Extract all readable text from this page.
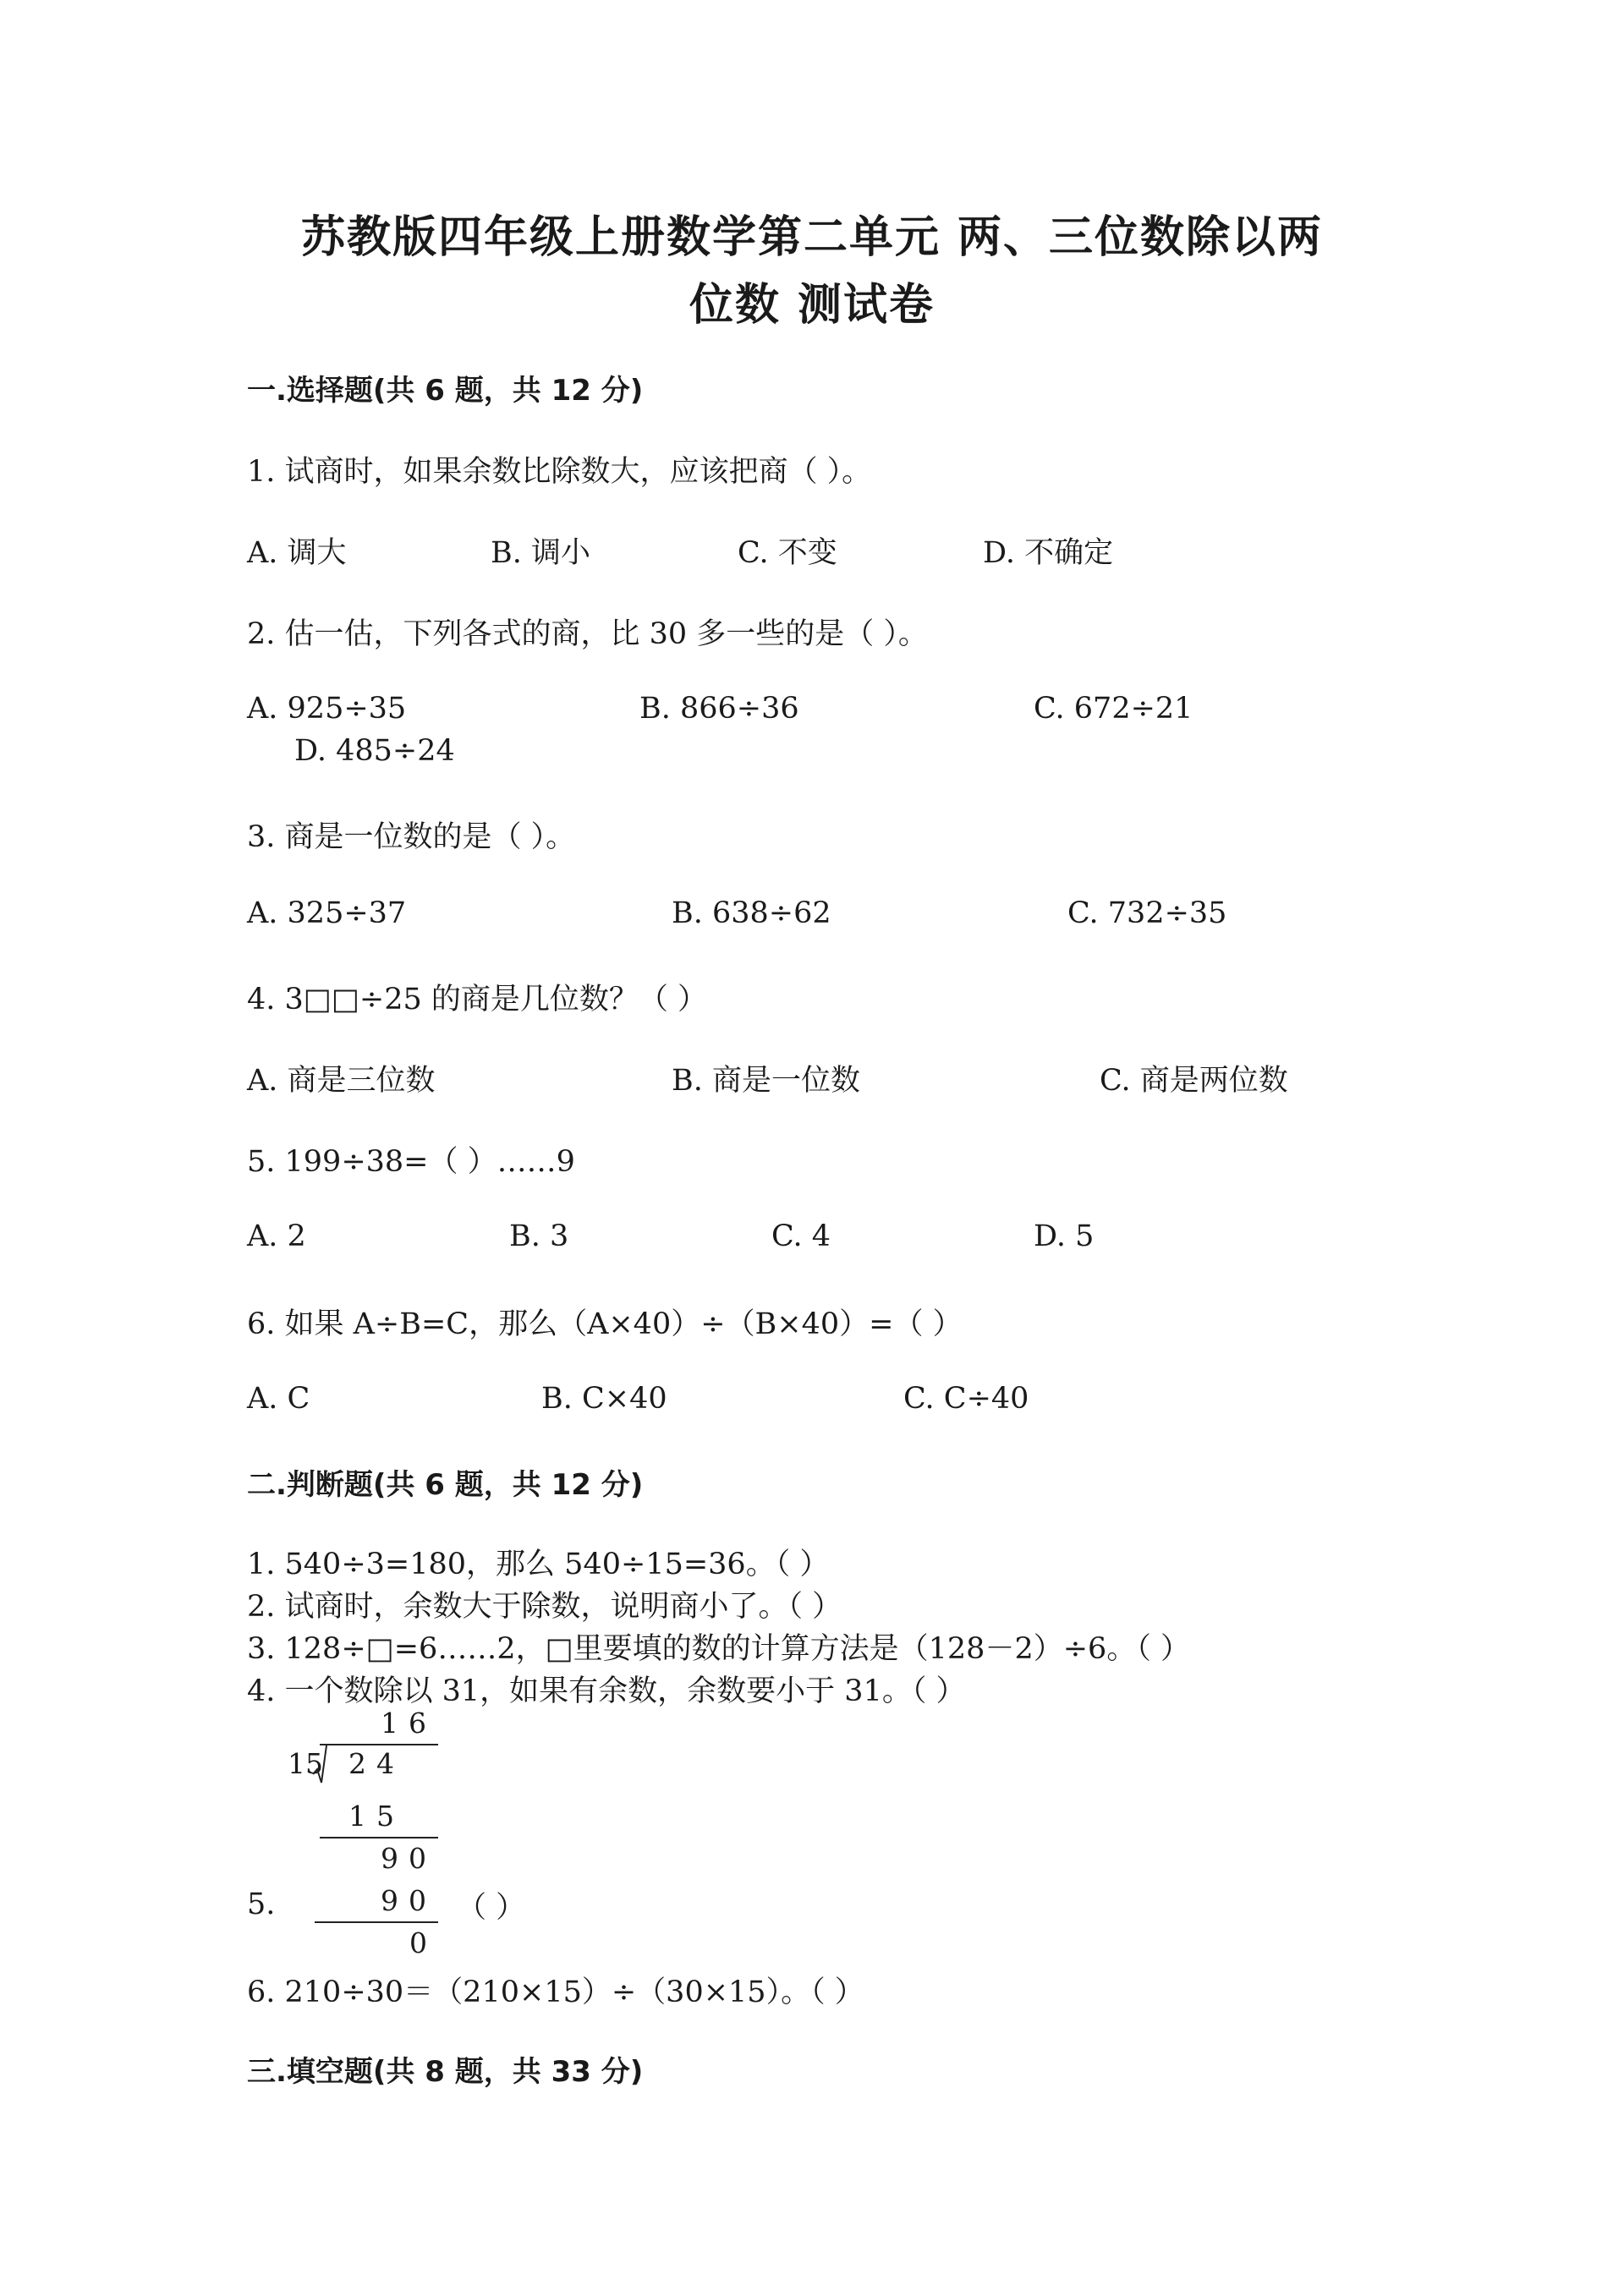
苏教版四年级上册数学第二单元 两、三位数除以两
位数 测试卷
一.选择题(共 6 题，共 12 分)
1. 试商时，如果余数比除数大，应该把商（ ）。
A. 调大	B. 调小	C. 不变	D. 不确定
2. 估一估，下列各式的商，比 30 多一些的是（ ）。
A. 925÷35	B. 866÷36	C. 672÷21
D. 485÷24
3. 商是一位数的是（ ）。
A. 325÷37	B. 638÷62	C. 732÷35
4. 3□□÷25 的商是几位数？（ ）
A. 商是三位数	B. 商是一位数	C. 商是两位数
5. 199÷38=（ ）……9
A. 2	B. 3	C. 4	D. 5
6. 如果 A÷B=C，那么（A×40）÷（B×40）=（ ）
A. C	B. C×40	C. C÷40
二.判断题(共 6 题，共 12 分)
1. 540÷3=180，那么 540÷15=36。（ ）
2. 试商时，余数大于除数，说明商小了。（ ）
3. 128÷□=6……2，□里要填的数的计算方法是（128－2）÷6。（ ）
4. 一个数除以 31，如果有余数，余数要小于 31。（ ）
16
15 24
15
90
90
0
5.	（ ）
6. 210÷30＝（210×15）÷（30×15）。（ ）
三.填空题(共 8 题，共 33 分)
